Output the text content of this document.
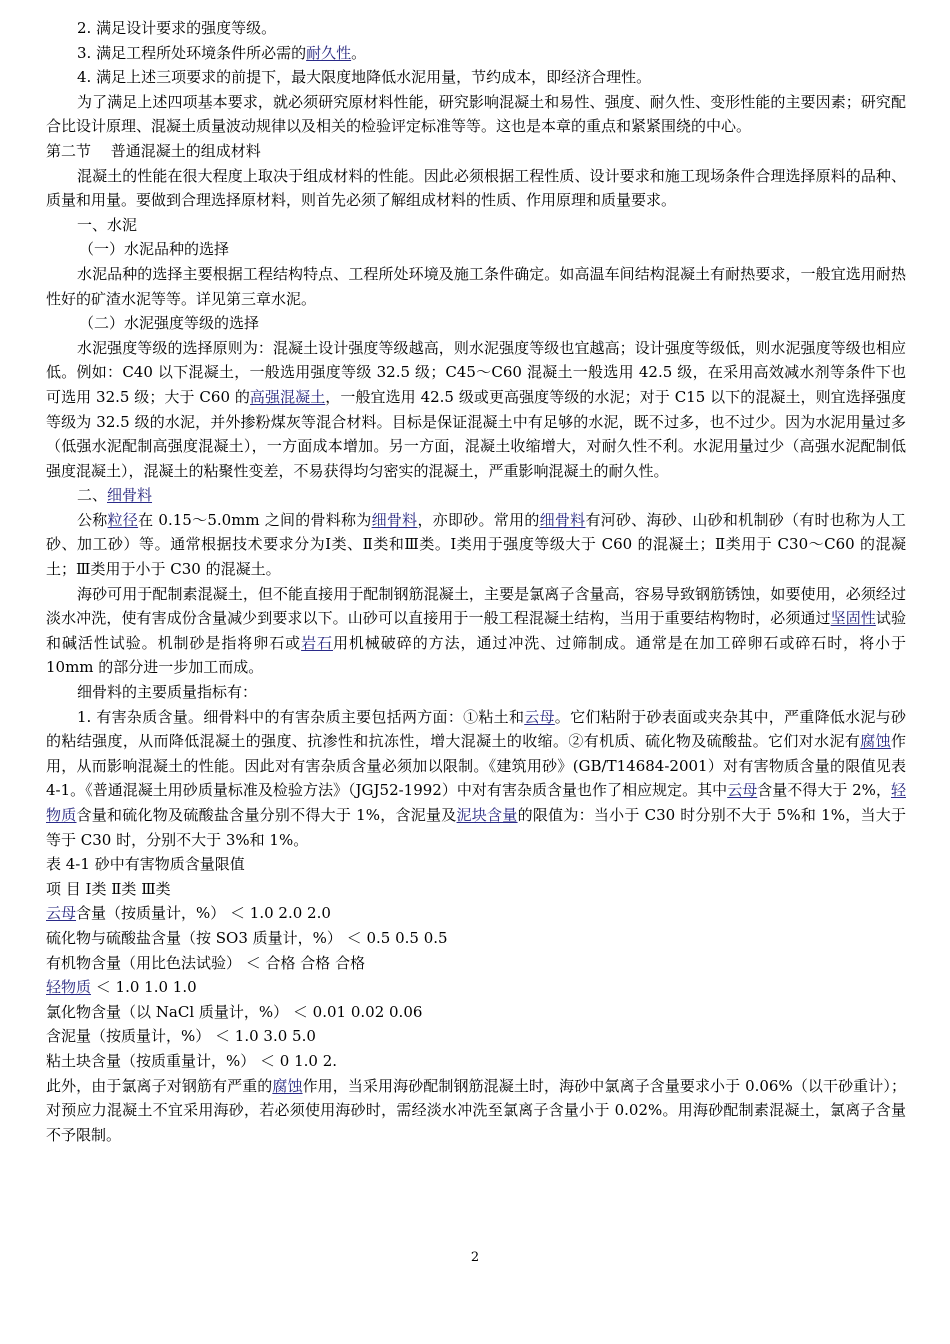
2. 满足设计要求的强度等级。
3. 满足工程所处环境条件所必需的耐久性。
4. 满足上述三项要求的前提下，最大限度地降低水泥用量，节约成本，即经济合理性。
为了满足上述四项基本要求，就必须研究原材料性能，研究影响混凝土和易性、强度、耐久性、变形性能的主要因素；研究配合比设计原理、混凝土质量波动规律以及相关的检验评定标准等等。这也是本章的重点和紧紧围绕的中心。
第二节　 普通混凝土的组成材料
混凝土的性能在很大程度上取决于组成材料的性能。因此必须根据工程性质、设计要求和施工现场条件合理选择原料的品种、质量和用量。要做到合理选择原材料，则首先必须了解组成材料的性质、作用原理和质量要求。
一、水泥
（一）水泥品种的选择
水泥品种的选择主要根据工程结构特点、工程所处环境及施工条件确定。如高温车间结构混凝土有耐热要求，一般宜选用耐热性好的矿渣水泥等等。详见第三章水泥。
（二）水泥强度等级的选择
水泥强度等级的选择原则为：混凝土设计强度等级越高，则水泥强度等级也宜越高；设计强度等级低，则水泥强度等级也相应低。例如：C40 以下混凝土，一般选用强度等级 32.5 级；C45～C60 混凝土一般选用 42.5 级，在采用高效减水剂等条件下也可选用 32.5 级；大于 C60 的高强混凝土，一般宜选用 42.5 级或更高强度等级的水泥；对于 C15 以下的混凝土，则宜选择强度等级为 32.5 级的水泥，并外掺粉煤灰等混合材料。目标是保证混凝土中有足够的水泥，既不过多，也不过少。因为水泥用量过多（低强水泥配制高强度混凝土），一方面成本增加。另一方面，混凝土收缩增大，对耐久性不利。水泥用量过少（高强水泥配制低强度混凝土），混凝土的粘聚性变差，不易获得均匀密实的混凝土，严重影响混凝土的耐久性。
二、细骨料
公称粒径在 0.15～5.0mm 之间的骨料称为细骨料，亦即砂。常用的细骨料有河砂、海砂、山砂和机制砂（有时也称为人工砂、加工砂）等。通常根据技术要求分为Ⅰ类、Ⅱ类和Ⅲ类。Ⅰ类用于强度等级大于 C60 的混凝土；Ⅱ类用于 C30～C60 的混凝土；Ⅲ类用于小于 C30 的混凝土。
海砂可用于配制素混凝土，但不能直接用于配制钢筋混凝土，主要是氯离子含量高，容易导致钢筋锈蚀，如要使用，必须经过淡水冲洗，使有害成份含量减少到要求以下。山砂可以直接用于一般工程混凝土结构，当用于重要结构物时，必须通过坚固性试验和碱活性试验。机制砂是指将卵石或岩石用机械破碎的方法，通过冲洗、过筛制成。通常是在加工碎卵石或碎石时，将小于 10mm 的部分进一步加工而成。
细骨料的主要质量指标有：
1. 有害杂质含量。细骨料中的有害杂质主要包括两方面：①粘土和云母。它们粘附于砂表面或夹杂其中，严重降低水泥与砂的粘结强度，从而降低混凝土的强度、抗渗性和抗冻性，增大混凝土的收缩。②有机质、硫化物及硫酸盐。它们对水泥有腐蚀作用，从而影响混凝土的性能。因此对有害杂质含量必须加以限制。《建筑用砂》(GB/T14684-2001）对有害物质含量的限值见表 4-1。《普通混凝土用砂质量标准及检验方法》（JGJ52-1992）中对有害杂质含量也作了相应规定。其中云母含量不得大于 2%，轻物质含量和硫化物及硫酸盐含量分别不得大于 1%，含泥量及泥块含量的限值为：当小于 C30 时分别不大于 5%和 1%，当大于等于 C30 时，分别不大于 3%和 1%。
表 4-1 砂中有害物质含量限值
项 目 Ⅰ类 Ⅱ类 Ⅲ类
云母含量（按质量计，%） ＜ 1.0 2.0 2.0
硫化物与硫酸盐含量（按 SO3 质量计，%） ＜ 0.5 0.5 0.5
有机物含量（用比色法试验） ＜ 合格 合格 合格
轻物质 ＜ 1.0 1.0 1.0
氯化物含量（以 NaCl 质量计，%） ＜ 0.01 0.02 0.06
含泥量（按质量计，%） ＜ 1.0 3.0 5.0
粘土块含量（按质重量计，%） ＜ 0 1.0 2.
此外，由于氯离子对钢筋有严重的腐蚀作用，当采用海砂配制钢筋混凝土时，海砂中氯离子含量要求小于 0.06%（以干砂重计）；对预应力混凝土不宜采用海砂，若必须使用海砂时，需经淡水冲洗至氯离子含量小于 0.02%。用海砂配制素混凝土，氯离子含量不予限制。
2
